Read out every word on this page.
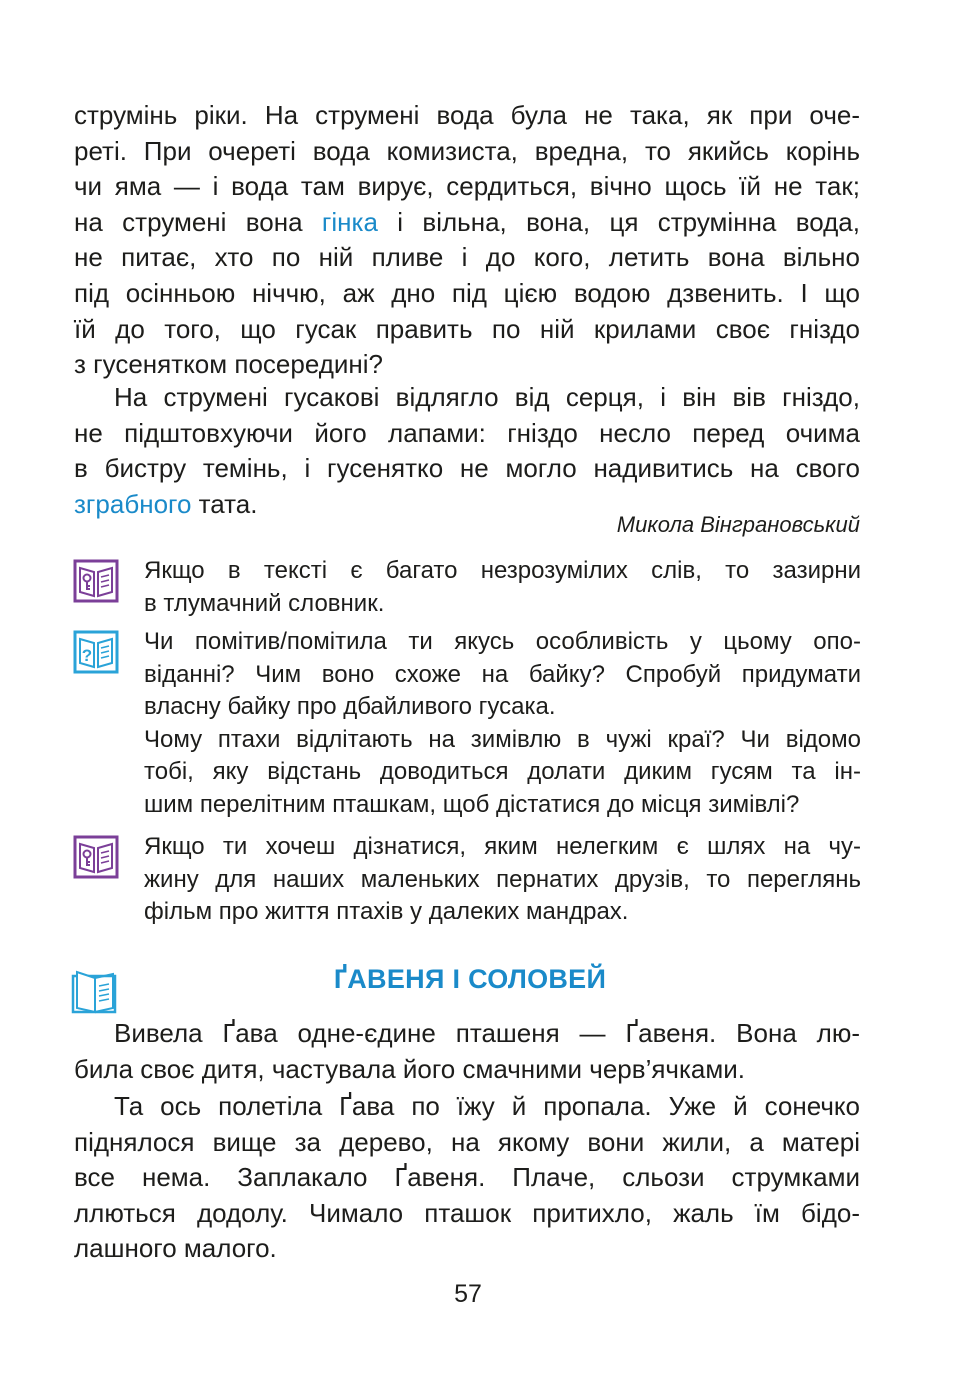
струмінь ріки. На струмені вода була не така, як при оче-
реті. При очереті вода комизиста, вредна, то якийсь корінь
чи яма — і вода там вирує, сердиться, вічно щось їй не так;
на струмені вона гінка і вільна, вона, ця струмінна вода,
не питає, хто по ній пливе і до кого, летить вона вільно
під осінньою ніччю, аж дно під цією водою дзвенить. І що
їй до того, що гусак править по ній крилами своє гніздо
з гусенятком посередині?

На струмені гусакові відлягло від серця, і він вів гніздо,
не підштовхуючи його лапами: гніздо несло перед очима
в бистру темінь, і гусенятко не могло надивитись на свого
зграбного тата.

Микола Вінграновський

Якщо в тексті є багато незрозумілих слів, то зазирни
в тлумачний словник.

?

Чи помітив/помітила ти якусь особливість у цьому опо-
віданні? Чим воно схоже на байку? Спробуй придумати
власну байку про дбайливого гусака.
Чому птахи відлітають на зимівлю в чужі краї? Чи відомо
тобі, яку відстань доводиться долати диким гусям та ін-
шим перелітним пташкам, щоб дістатися до місця зимівлі?

Якщо ти хочеш дізнатися, яким нелегким є шлях на чу-
жину для наших маленьких пернатих друзів, то переглянь
фільм про життя птахів у далеких мандрах.

ҐАВЕНЯ І СОЛОВЕЙ

Вивела Ґава одне-єдине пташеня — Ґавеня. Вона лю-
била своє дитя, частувала його смачними черв’ячками.

Та ось полетіла Ґава по їжу й пропала. Уже й сонечко
піднялося вище за дерево, на якому вони жили, а матері
все нема. Заплакало Ґавеня. Плаче, сльози струмками
ллються додолу. Чимало пташок притихло, жаль їм бідо-
лашного малого.

57
